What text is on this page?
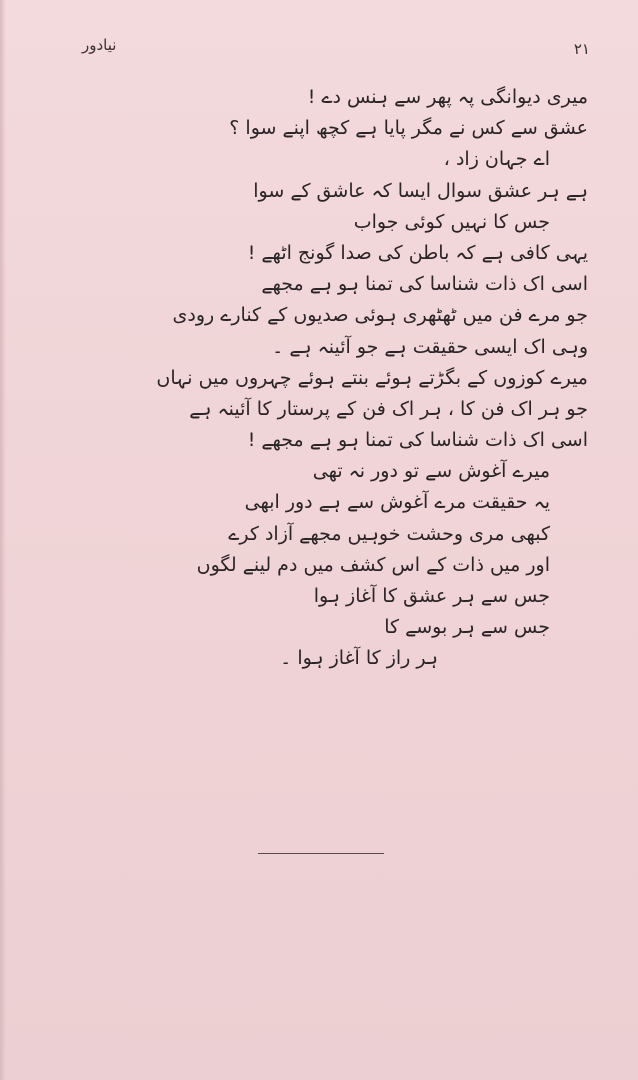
نیادور	۲۱
میری دیوانگی پہ پھر سے ہنس دے !
عشق سے کس نے مگر پایا ہے کچھ اپنے سوا ؟
اے جہان زاد ،
ہے ہر عشق سوال ایسا کہ عاشق کے سوا
جس کا نہیں کوئی جواب
یہی کافی ہے کہ باطن کی صدا گونج اٹھے !
اسی اک ذات شناسا کی تمنا ہو ہے مجھے
جو مرے فن میں ٹھٹھری ہوئی صدیوں کے کنارے رودی
وہی اک ایسی حقیقت ہے جو آئینہ ہے ۔
میرے کوزوں کے بگڑتے ہوئے بنتے ہوئے چہروں میں نہاں
جو ہر اک فن کا ، ہر اک فن کے پرستار کا آئینہ ہے
اسی اک ذات شناسا کی تمنا ہو ہے مجھے !
میرے آغوش سے تو دور نہ تھی
یہ حقیقت مرے آغوش سے ہے دور ابھی
کبھی مری وحشت خوہیں مجھے آزاد کرے
اور میں ذات کے اس کشف میں دم لینے لگوں
جس سے ہر عشق کا آغاز ہوا
جس سے ہر بوسے کا
ہر راز کا آغاز ہوا ۔
